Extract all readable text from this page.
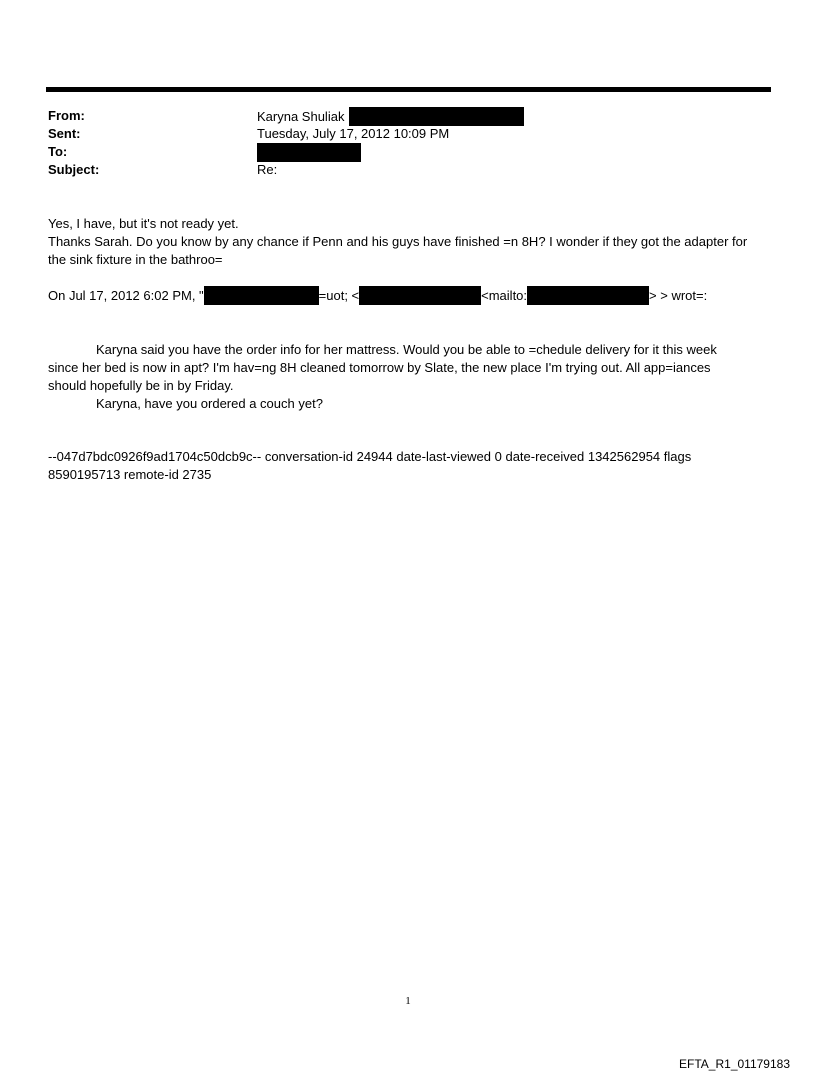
From:	Karyna Shuliak
Sent:	Tuesday, July 17, 2012 10:09 PM
To:
Subject:	Re:
Yes, I have, but it's not ready yet.
Thanks Sarah. Do you know by any chance if Penn and his guys have finished =n 8H? I wonder if they got the adapter for
the sink fixture in the bathroo=
On Jul 17, 2012 6:02 PM, "	=uot; <	<mailto:	> > wrot=:
Karyna said you have the order info for her mattress. Would you be able to =chedule delivery for it this week
since her bed is now in apt? I'm hav=ng 8H cleaned tomorrow by Slate, the new place I'm trying out. All app=iances
should hopefully be in by Friday.
Karyna, have you ordered a couch yet?
--047d7bdc0926f9ad1704c50dcb9c-- conversation-id 24944 date-last-viewed 0 date-received 1342562954 flags
8590195713 remote-id 2735
1
EFTA_R1_01179183
